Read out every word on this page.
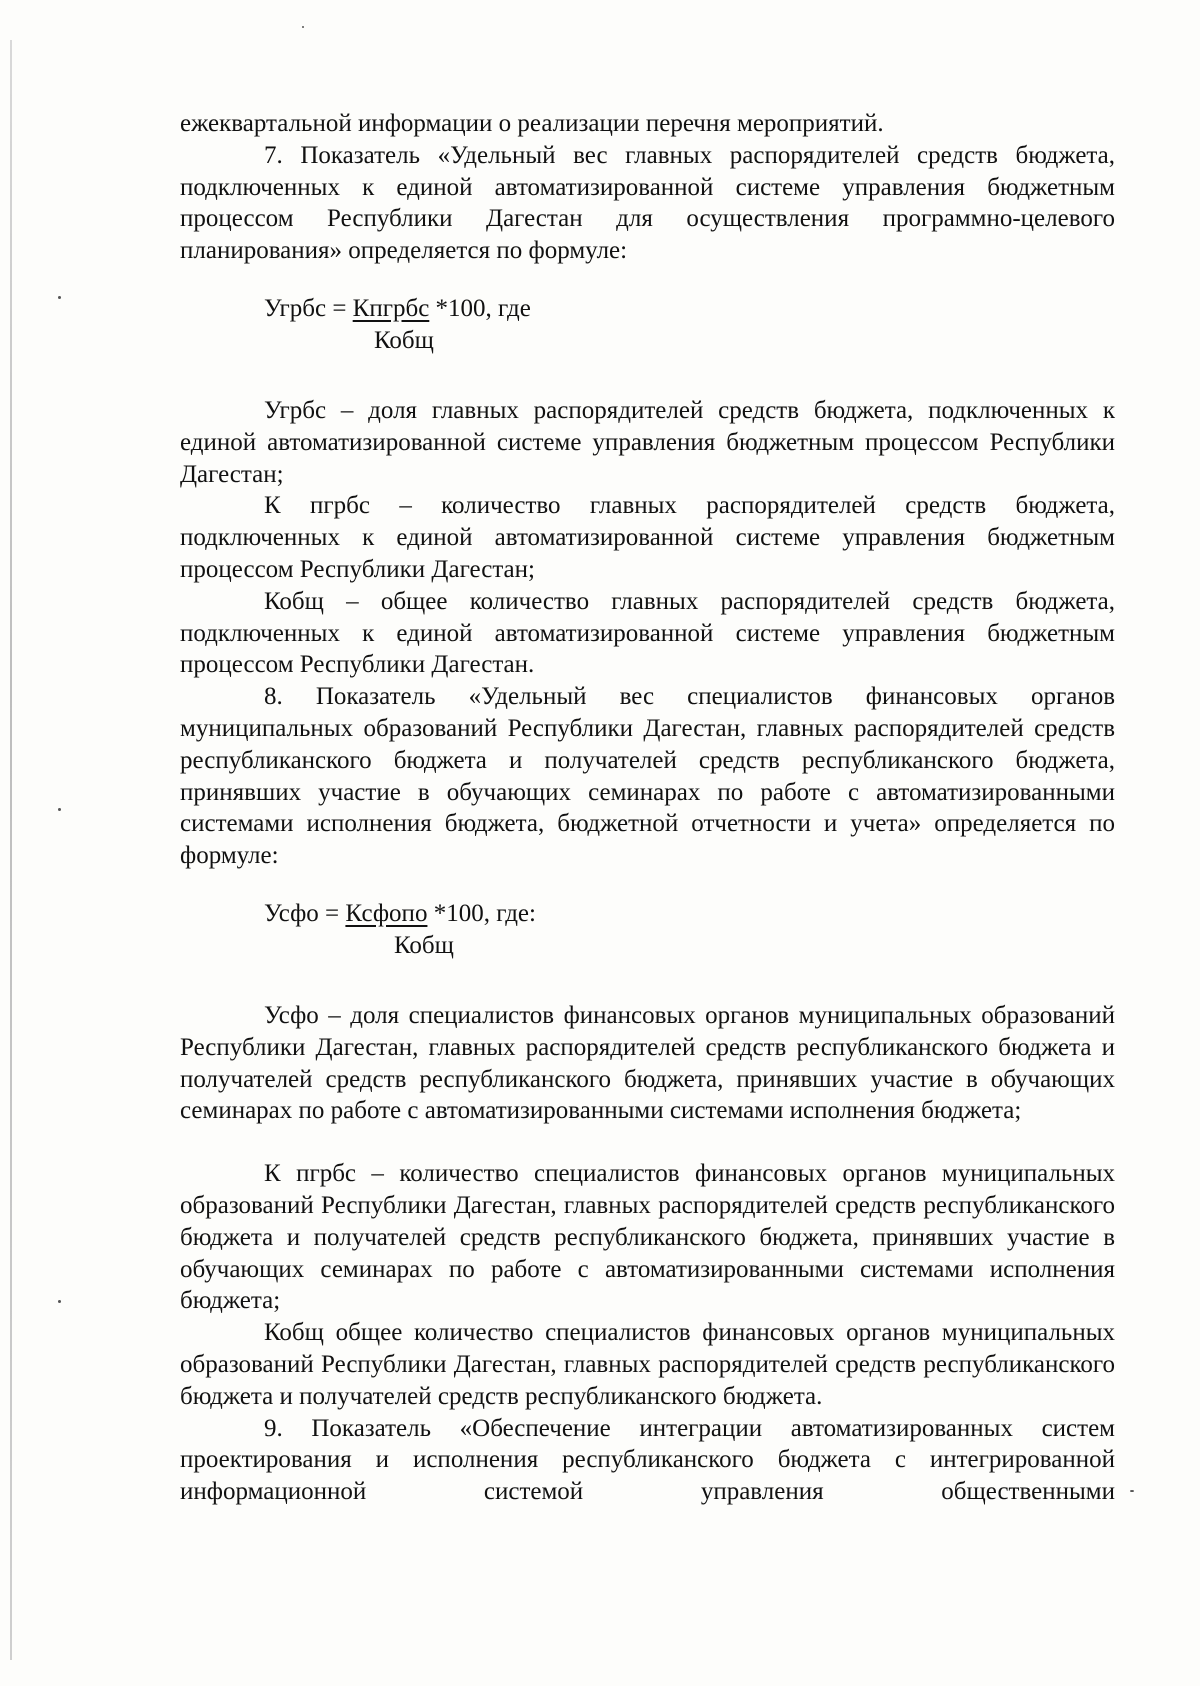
ежеквартальной информации о реализации перечня мероприятий.

7. Показатель «Удельный вес главных распорядителей средств бюджета, подключенных к единой автоматизированной системе управления бюджетным процессом Республики Дагестан для осуществления программно-целевого планирования» определяется по формуле:

Угрбс = Кпгрбс *100, где
Кобщ

Угрбс – доля главных распорядителей средств бюджета, подключенных к единой автоматизированной системе управления бюджетным процессом Республики Дагестан;

К пгрбс – количество главных распорядителей средств бюджета, подключенных к единой автоматизированной системе управления бюджетным процессом Республики Дагестан;

Кобщ – общее количество главных распорядителей средств бюджета, подключенных к единой автоматизированной системе управления бюджетным процессом Республики Дагестан.

8. Показатель «Удельный вес специалистов финансовых органов муниципальных образований Республики Дагестан, главных распорядителей средств республиканского бюджета и получателей средств республиканского бюджета, принявших участие в обучающих семинарах по работе с автоматизированными системами исполнения бюджета, бюджетной отчетности и учета» определяется по формуле:

Усфо = Ксфопо *100, где:
Кобщ

Усфо – доля специалистов финансовых органов муниципальных образований Республики Дагестан, главных распорядителей средств республиканского бюджета и получателей средств республиканского бюджета, принявших участие в обучающих семинарах по работе с автоматизированными системами исполнения бюджета;

К пгрбс – количество специалистов финансовых органов муниципальных образований Республики Дагестан, главных распорядителей средств республиканского бюджета и получателей средств республиканского бюджета, принявших участие в обучающих семинарах по работе с автоматизированными системами исполнения бюджета;

Кобщ общее количество специалистов финансовых органов муниципальных образований Республики Дагестан, главных распорядителей средств республиканского бюджета и получателей средств республиканского бюджета.

9. Показатель «Обеспечение интеграции автоматизированных систем проектирования и исполнения республиканского бюджета с интегрированной информационной системой управления общественными
